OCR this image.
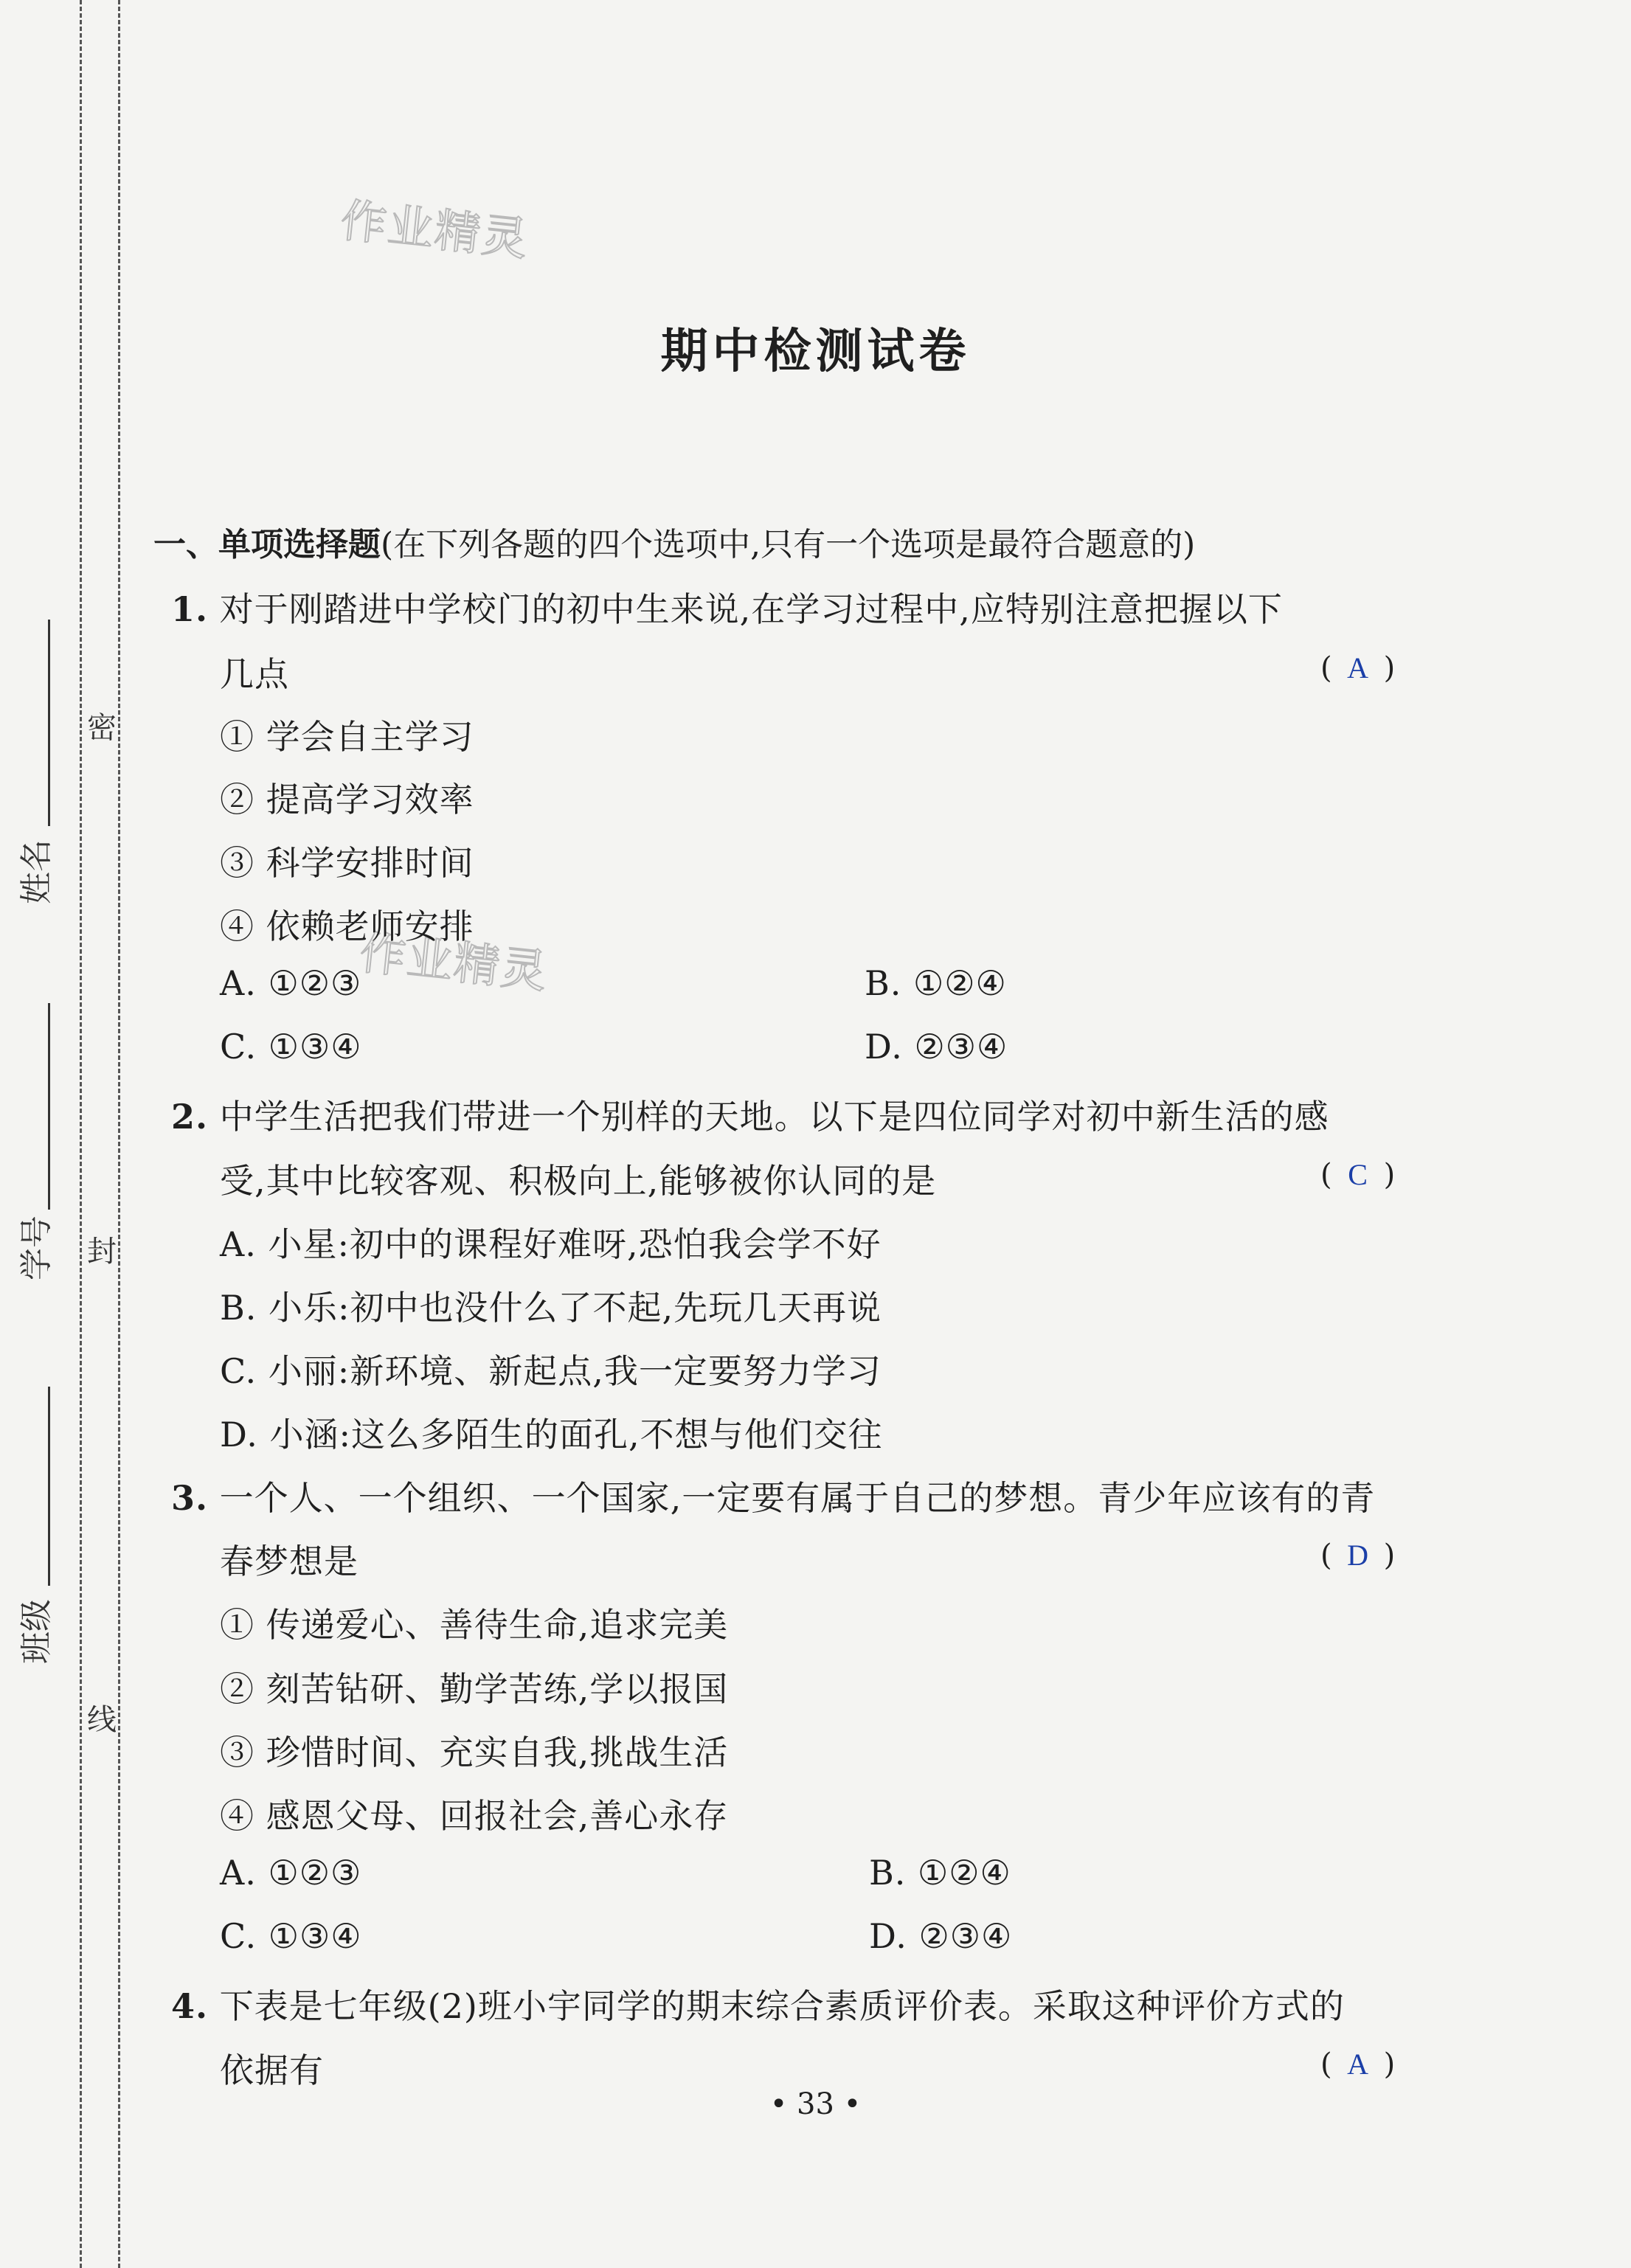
密
封
线
姓名
学号
班级
作业精灵
作业精灵
期中检测试卷
一、单项选择题(在下列各题的四个选项中,只有一个选项是最符合题意的)
1. 对于刚踏进中学校门的初中生来说,在学习过程中,应特别注意把握以下
几点	( A )
① 学会自主学习
② 提高学习效率
③ 科学安排时间
④ 依赖老师安排
A. ①②③	B. ①②④
C. ①③④	D. ②③④
2. 中学生活把我们带进一个别样的天地。以下是四位同学对初中新生活的感
受,其中比较客观、积极向上,能够被你认同的是	( C )
A. 小星:初中的课程好难呀,恐怕我会学不好
B. 小乐:初中也没什么了不起,先玩几天再说
C. 小丽:新环境、新起点,我一定要努力学习
D. 小涵:这么多陌生的面孔,不想与他们交往
3. 一个人、一个组织、一个国家,一定要有属于自己的梦想。青少年应该有的青
春梦想是	( D )
① 传递爱心、善待生命,追求完美
② 刻苦钻研、勤学苦练,学以报国
③ 珍惜时间、充实自我,挑战生活
④ 感恩父母、回报社会,善心永存
A. ①②③	B. ①②④
C. ①③④	D. ②③④
4. 下表是七年级(2)班小宇同学的期末综合素质评价表。采取这种评价方式的
依据有	( A )
• 33 •
